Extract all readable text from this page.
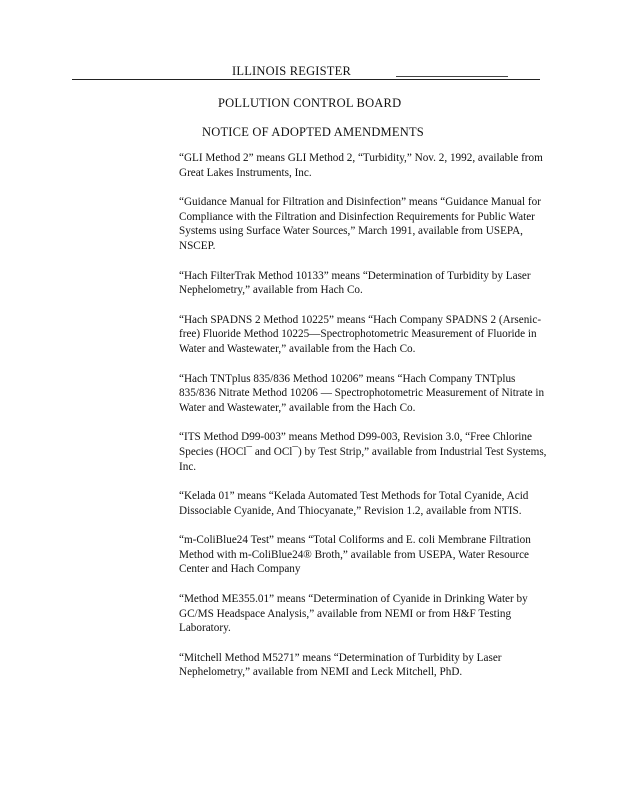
ILLINOIS REGISTER
POLLUTION CONTROL BOARD
NOTICE OF ADOPTED AMENDMENTS

“GLI Method 2” means GLI Method 2, “Turbidity,” Nov. 2, 1992, available from Great Lakes Instruments, Inc.

“Guidance Manual for Filtration and Disinfection” means “Guidance Manual for Compliance with the Filtration and Disinfection Requirements for Public Water Systems using Surface Water Sources,” March 1991, available from USEPA, NSCEP.

“Hach FilterTrak Method 10133” means “Determination of Turbidity by Laser Nephelometry,” available from Hach Co.

“Hach SPADNS 2 Method 10225” means “Hach Company SPADNS 2 (Arsenic-free) Fluoride Method 10225—Spectrophotometric Measurement of Fluoride in Water and Wastewater,” available from the Hach Co.

“Hach TNTplus 835/836 Method 10206” means “Hach Company TNTplus 835/836 Nitrate Method 10206 — Spectrophotometric Measurement of Nitrate in Water and Wastewater,” available from the Hach Co.

“ITS Method D99-003” means Method D99-003, Revision 3.0, “Free Chlorine Species (HOCl¯ and OCl¯) by Test Strip,” available from Industrial Test Systems, Inc.

“Kelada 01” means “Kelada Automated Test Methods for Total Cyanide, Acid Dissociable Cyanide, And Thiocyanate,” Revision 1.2, available from NTIS.

“m-ColiBlue24 Test” means “Total Coliforms and E. coli Membrane Filtration Method with m-ColiBlue24® Broth,” available from USEPA, Water Resource Center and Hach Company

“Method ME355.01” means “Determination of Cyanide in Drinking Water by GC/MS Headspace Analysis,” available from NEMI or from H&F Testing Laboratory.

“Mitchell Method M5271” means “Determination of Turbidity by Laser Nephelometry,” available from NEMI and Leck Mitchell, PhD.
